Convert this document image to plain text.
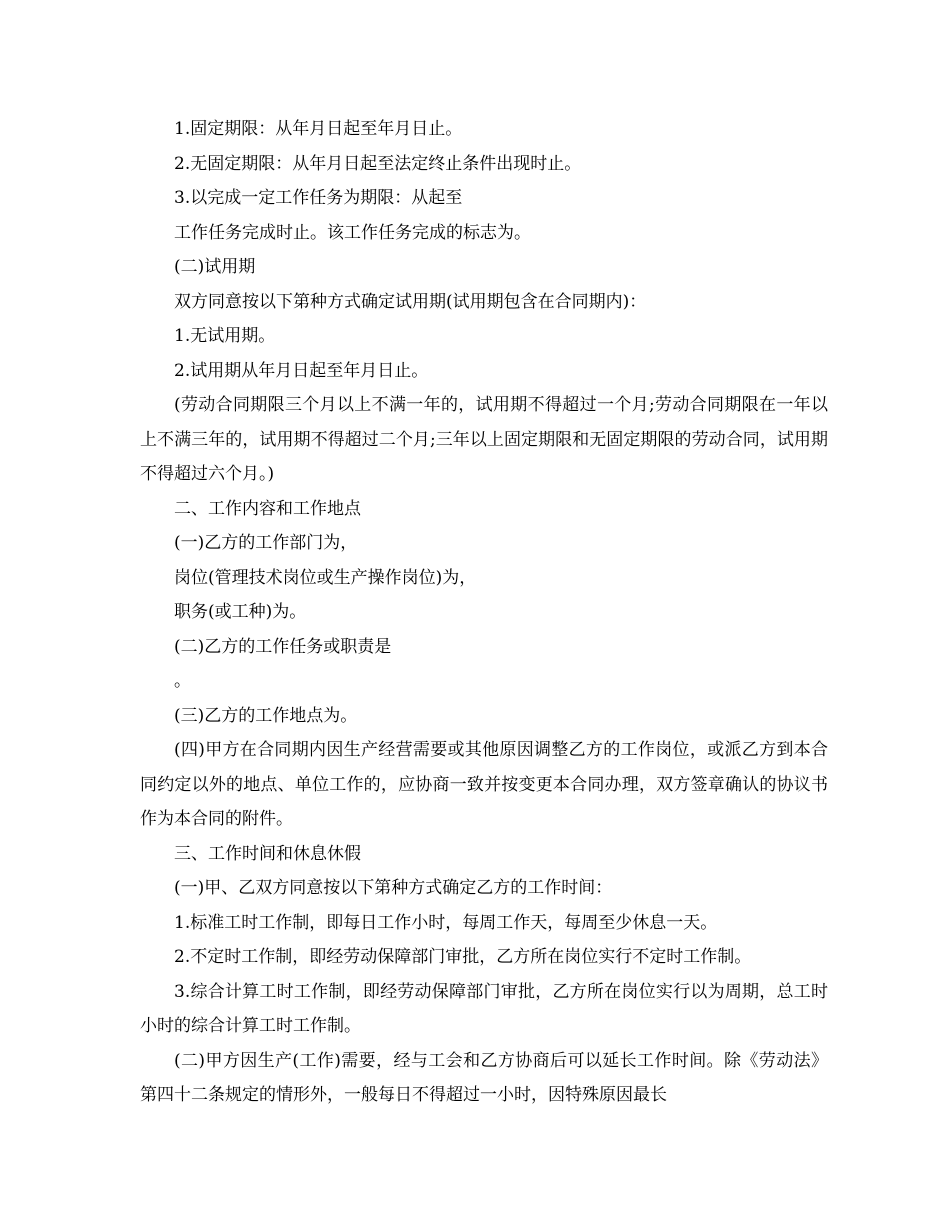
1.固定期限：从年月日起至年月日止。

2.无固定期限：从年月日起至法定终止条件出现时止。

3.以完成一定工作任务为期限：从起至

工作任务完成时止。该工作任务完成的标志为。

(二)试用期

双方同意按以下第种方式确定试用期(试用期包含在合同期内)：

1.无试用期。

2.试用期从年月日起至年月日止。

(劳动合同期限三个月以上不满一年的，试用期不得超过一个月;劳动合同期限在一年以上不满三年的，试用期不得超过二个月;三年以上固定期限和无固定期限的劳动合同，试用期不得超过六个月。)

二、工作内容和工作地点

(一)乙方的工作部门为，

岗位(管理技术岗位或生产操作岗位)为，

职务(或工种)为。

(二)乙方的工作任务或职责是

。

(三)乙方的工作地点为。

(四)甲方在合同期内因生产经营需要或其他原因调整乙方的工作岗位，或派乙方到本合同约定以外的地点、单位工作的，应协商一致并按变更本合同办理，双方签章确认的协议书作为本合同的附件。

三、工作时间和休息休假

(一)甲、乙双方同意按以下第种方式确定乙方的工作时间：

1.标准工时工作制，即每日工作小时，每周工作天，每周至少休息一天。

2.不定时工作制，即经劳动保障部门审批，乙方所在岗位实行不定时工作制。

3.综合计算工时工作制，即经劳动保障部门审批，乙方所在岗位实行以为周期，总工时小时的综合计算工时工作制。

(二)甲方因生产(工作)需要，经与工会和乙方协商后可以延长工作时间。除《劳动法》第四十二条规定的情形外，一般每日不得超过一小时，因特殊原因最长
